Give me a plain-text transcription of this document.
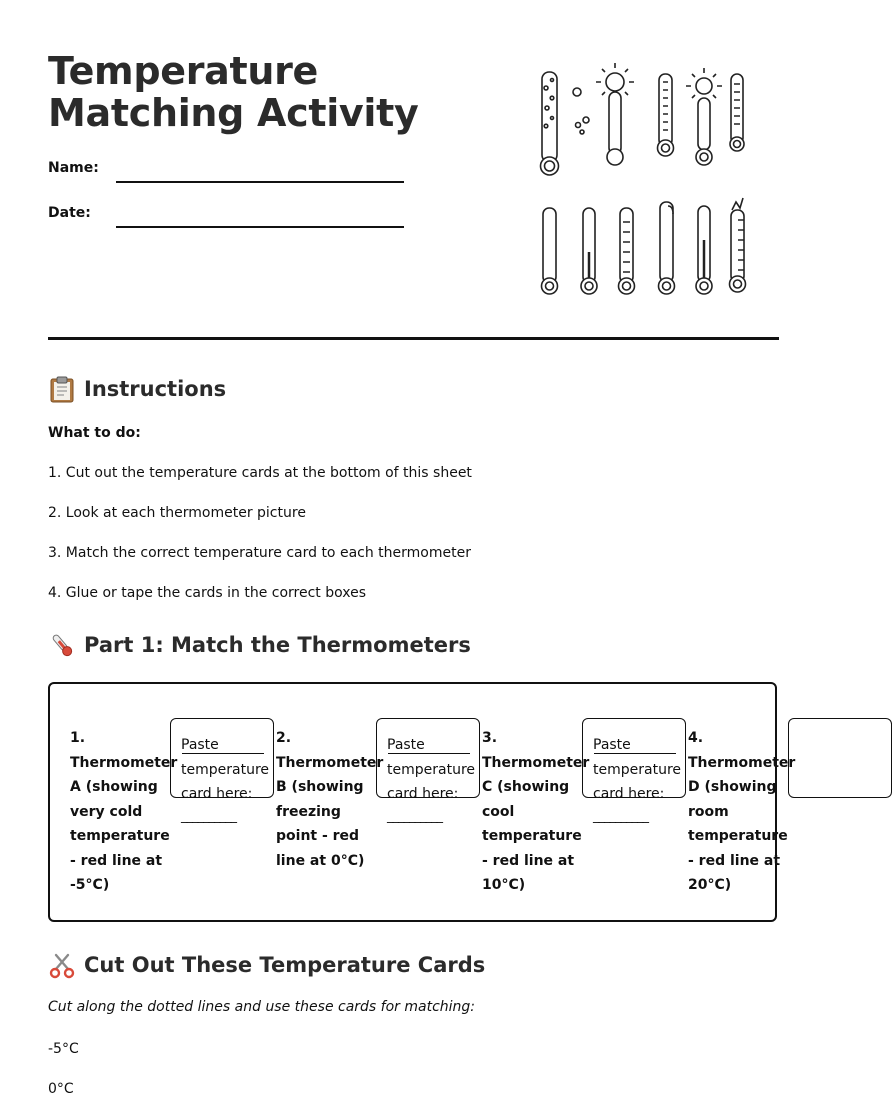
Temperature Matching Activity
Name:
Date:
Instructions
What to do:
1. Cut out the temperature cards at the bottom of this sheet
2. Look at each thermometer picture
3. Match the correct temperature card to each thermometer
4. Glue or tape the cards in the correct boxes
Part 1: Match the Thermometers
1.
Thermometer
A (showing
very cold
temperature
- red line at
-5°C)
Paste
temperature
card here:
__________
2.
Thermometer
B (showing
freezing
point - red
line at 0°C)
Paste
temperature
card here:
__________
3.
Thermometer
C (showing
cool
temperature
- red line at
10°C)
Paste
temperature
card here:
__________
4.
Thermometer
D (showing
room
temperature
- red line at
20°C)
Cut Out These Temperature Cards
Cut along the dotted lines and use these cards for matching:
-5°C
0°C
